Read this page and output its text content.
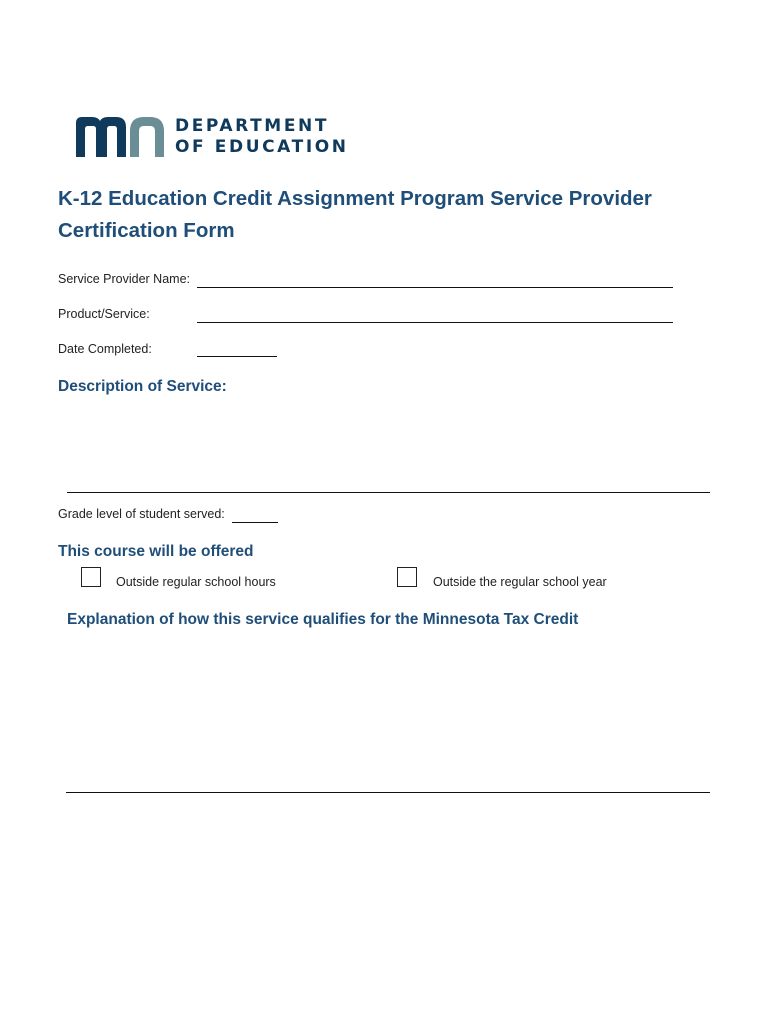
DEPARTMENT
OF EDUCATION
K-12 Education Credit Assignment Program Service Provider
Certification Form
Service Provider Name:
Product/Service:
Date Completed:
Description of Service:
Grade level of student served:
This course will be offered
Outside regular school hours	Outside the regular school year
Explanation of how this service qualifies for the Minnesota Tax Credit
